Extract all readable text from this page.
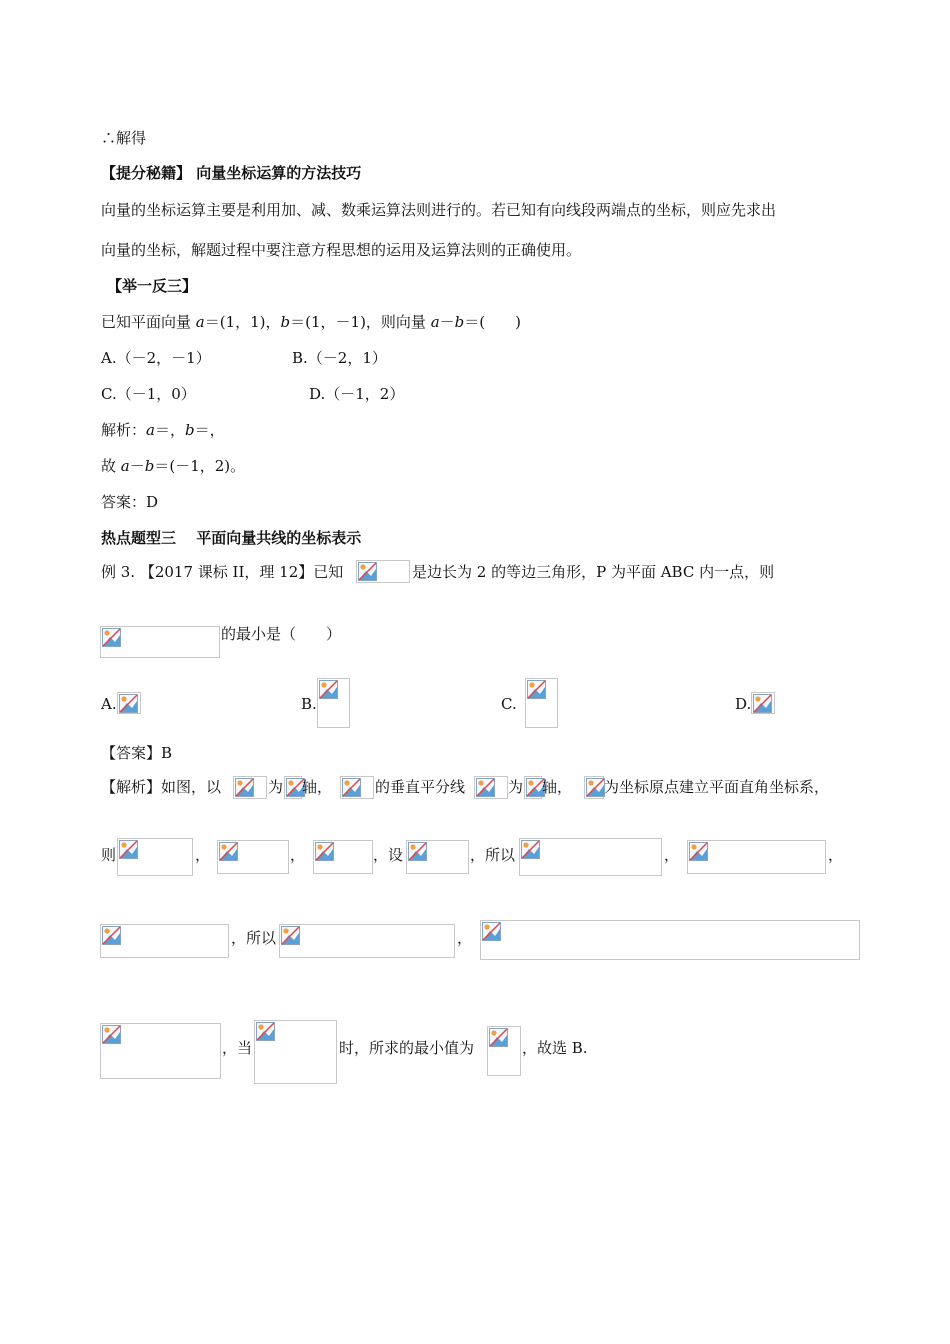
∴解得
【提分秘籍】 向量坐标运算的方法技巧
向量的坐标运算主要是利用加、减、数乘运算法则进行的。若已知有向线段两端点的坐标，则应先求出
向量的坐标，解题过程中要注意方程思想的运用及运算法则的正确使用。
【举一反三】
已知平面向量 a＝(1，1)，b＝(1，－1)，则向量 a－b＝(　　)
A.（－2，－1）	B.（－2，1）
C.（－1，0）	D.（－1，2）
解析：a＝，b＝，
故 a－b＝(－1，2)。
答案：D
热点题型三　 平面向量共线的坐标表示
例 3. 【2017 课标 II，理 12】已知	是边长为 2 的等边三角形，P 为平面 ABC 内一点，则
的最小是（　　）
A.	B.	C.	D.
【答案】B
【解析】如图，以	为 轴，	的垂直平分线	为 轴， 为坐标原点建立平面直角坐标系，
则	，	，	，设	，所以	，	，
，所以	，
，当	时，所求的最小值为	，故选 B.
